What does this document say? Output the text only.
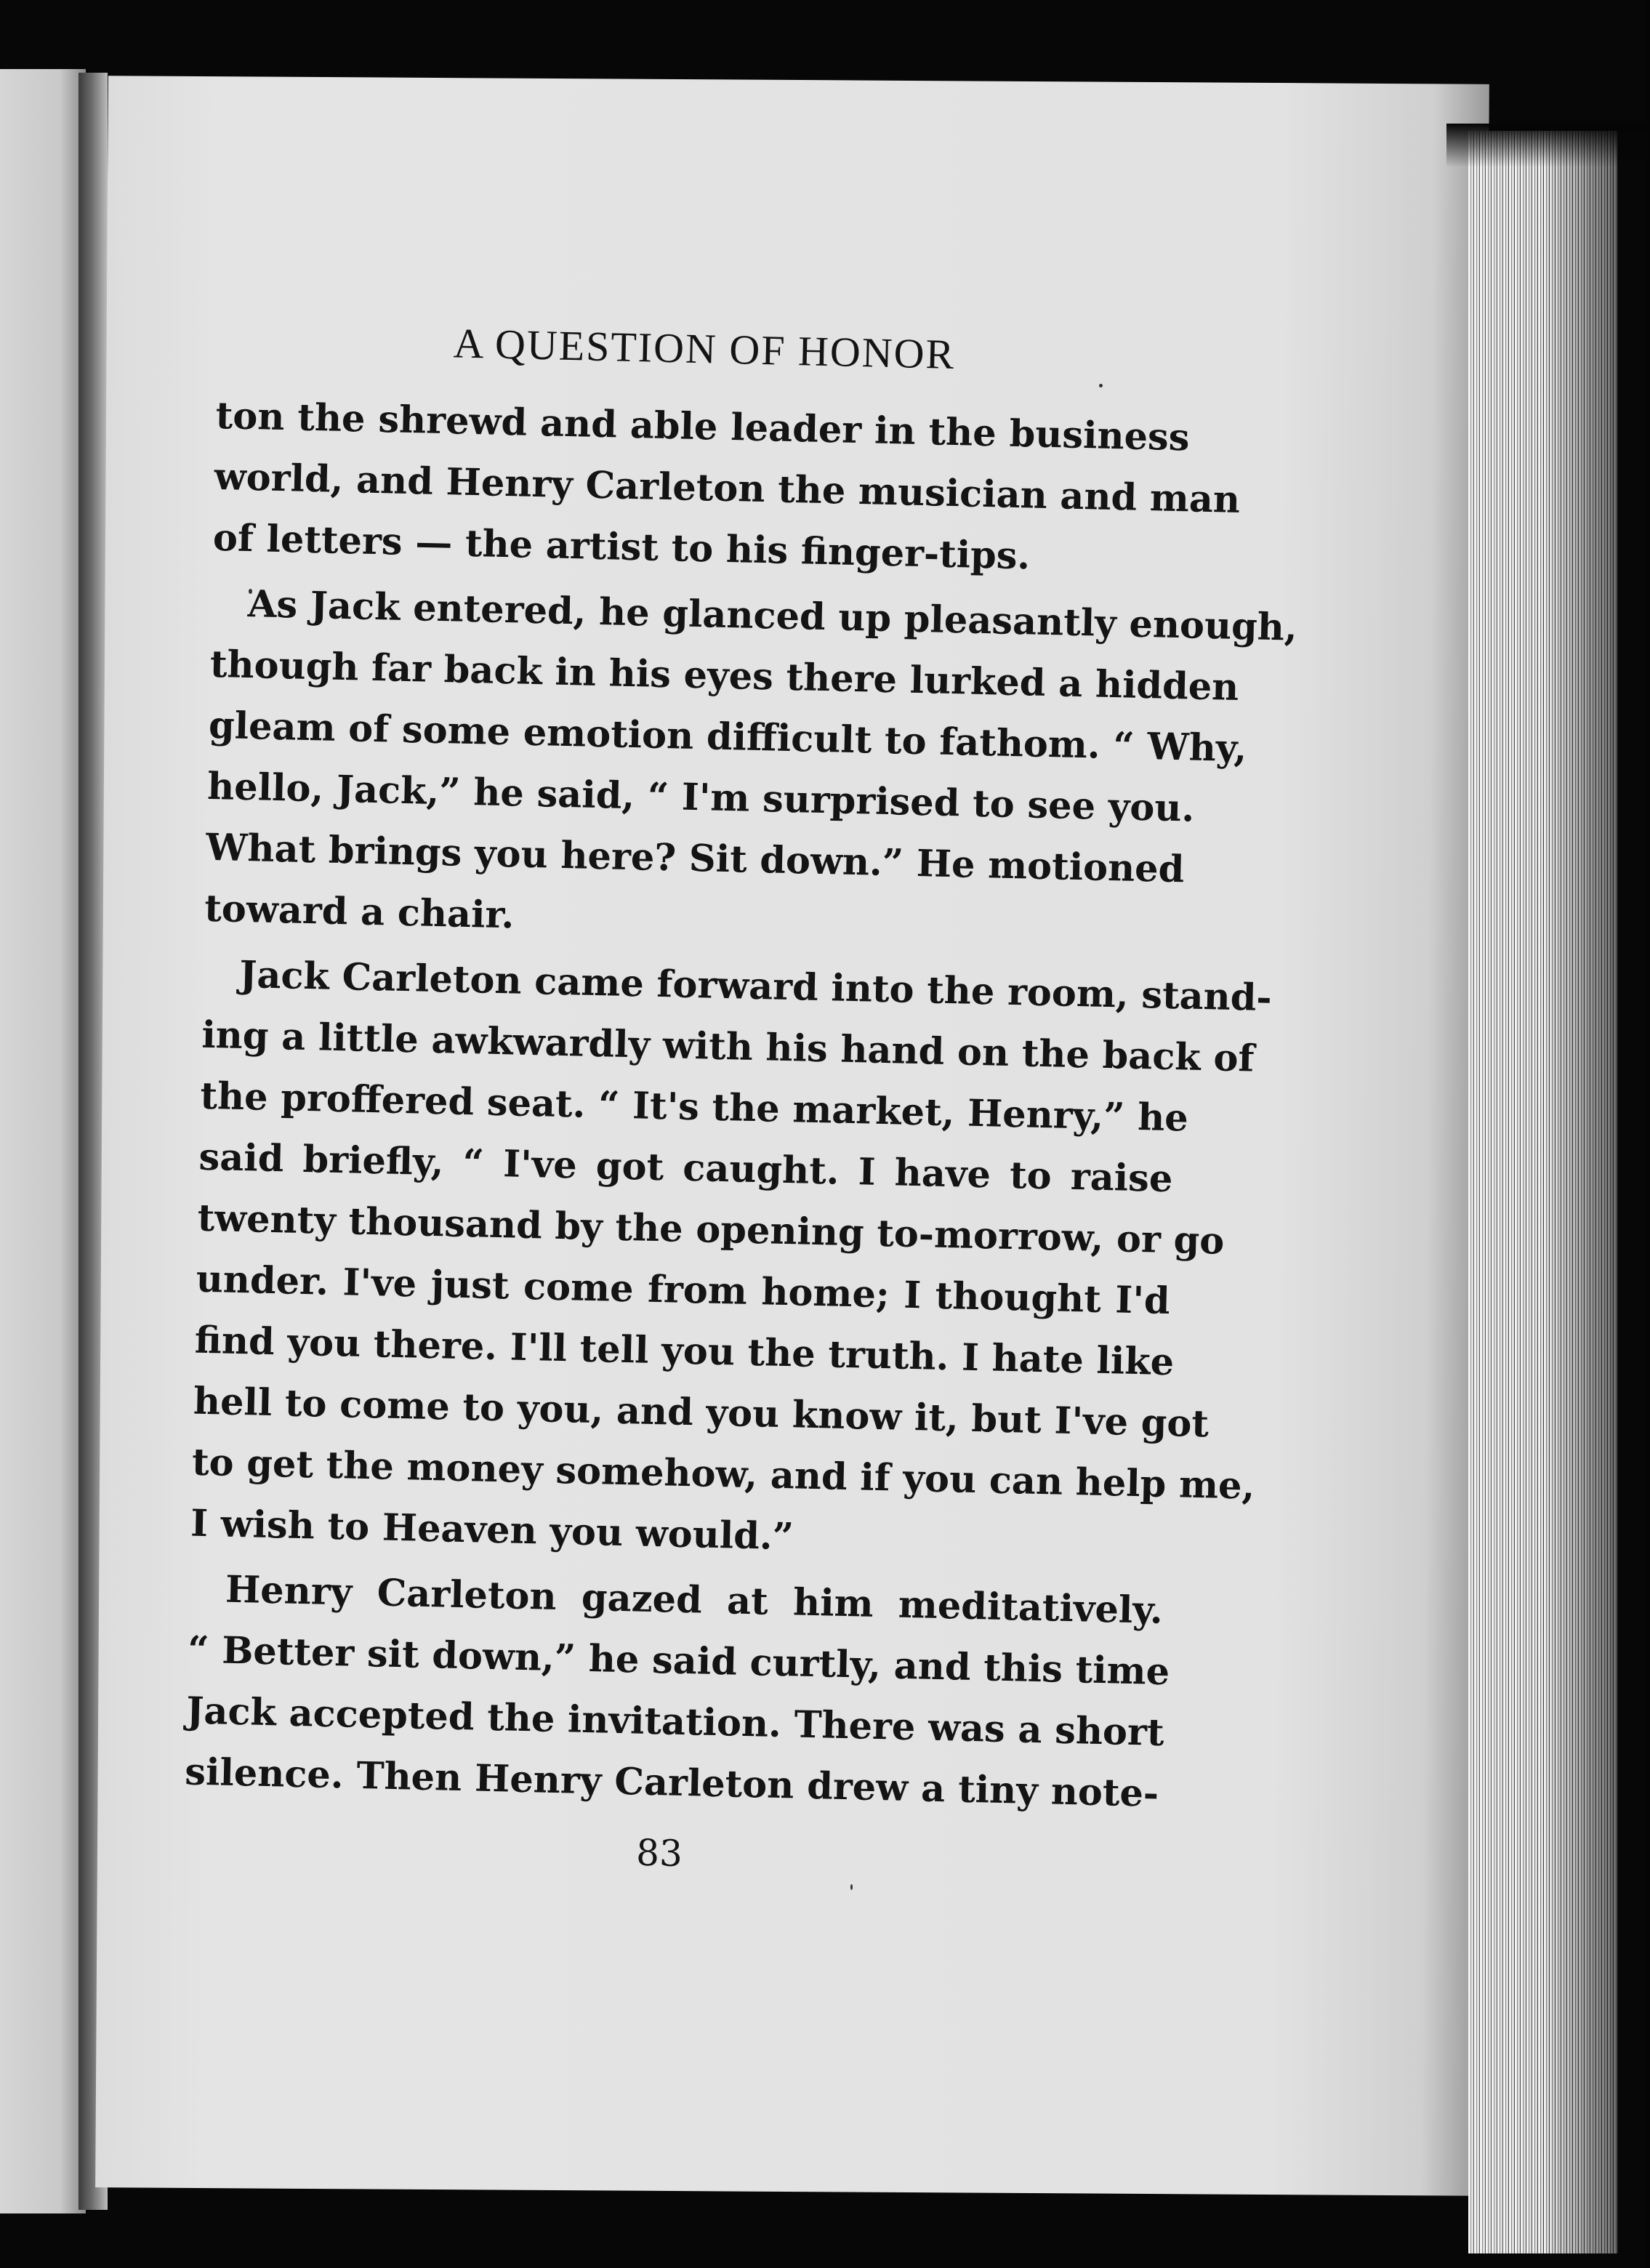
A QUESTION OF HONOR
ton the shrewd and able leader in the business
world, and Henry Carleton the musician and man
of letters — the artist to his finger-tips.
As Jack entered, he glanced up pleasantly enough,
though far back in his eyes there lurked a hidden
gleam of some emotion difficult to fathom. “ Why,
hello, Jack,” he said, “ I'm surprised to see you.
What brings you here? Sit down.” He motioned
toward a chair.
Jack Carleton came forward into the room, stand-
ing a little awkwardly with his hand on the back of
the proffered seat. “ It's the market, Henry,” he
said briefly, “ I've got caught. I have to raise
twenty thousand by the opening to-morrow, or go
under. I've just come from home; I thought I'd
find you there. I'll tell you the truth. I hate like
hell to come to you, and you know it, but I've got
to get the money somehow, and if you can help me,
I wish to Heaven you would.”
Henry Carleton gazed at him meditatively.
“ Better sit down,” he said curtly, and this time
Jack accepted the invitation. There was a short
silence. Then Henry Carleton drew a tiny note-
83
